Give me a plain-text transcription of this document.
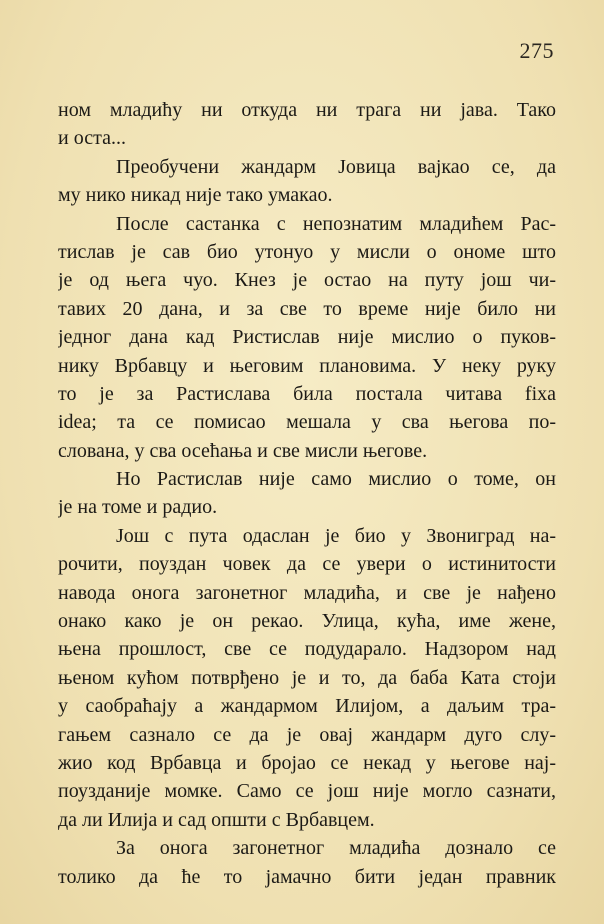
275
ном младићу ни откуда ни трага ни јава. Тако
и оста...
Преобучени жандарм Јовица вајкао се, да
му нико никад није тако умакао.
После састанка с непознатим младићем Рас-
тислав је сав био утонуо у мисли о ономе што
је од њега чуо. Кнез је остао на путу још чи-
тавих 20 дана, и за све то време није било ни
једног дана кад Ристислав није мислио о пуков-
нику Врбавцу и његовим плановима. У неку руку
то је за Растислава била постала читава fixa
idea; та се помисао мешала у сва његова по-
слована, у сва осећања и све мисли његове.
Но Растислав није само мислио о томе, он
је на томе и радио.
Још с пута одаслан је био у Звониград на-
рочити, поуздан човек да се увери о истинитости
навода онога загонетног младића, и све је нађено
онако како је он рекао. Улица, кућа, име жене,
њена прошлост, све се подударало. Надзором над
њеном кућом потврђено је и то, да баба Ката стоји
у саобраћају а жандармом Илијом, а даљим тра-
гањем сазнало се да је овај жандарм дуго слу-
жио код Врбавца и бројао се некад у његове нај-
поузданије момке. Само се још није могло сазнати,
да ли Илија и сад општи с Врбавцем.
За онога загонетног младића дознало се
толико да ће то јамачно бити један правник
